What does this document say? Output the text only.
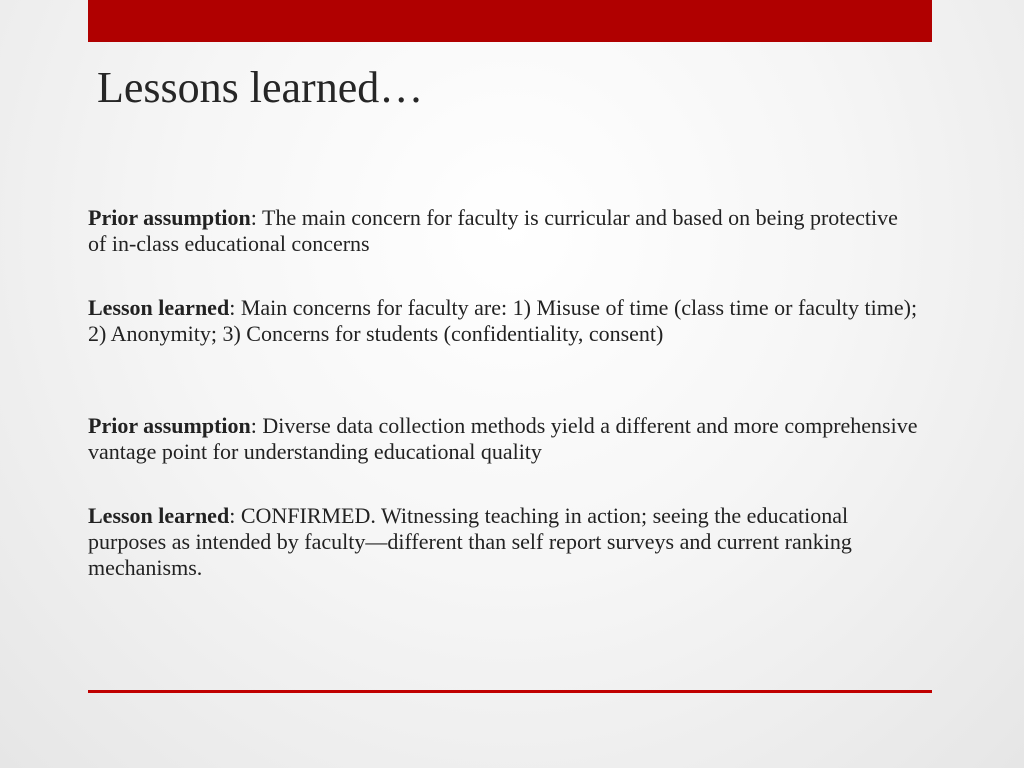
Lessons learned…

Prior assumption: The main concern for faculty is curricular and based on being protective of in-class educational concerns

Lesson learned: Main concerns for faculty are: 1) Misuse of time (class time or faculty time); 2) Anonymity; 3) Concerns for students (confidentiality, consent)

Prior assumption: Diverse data collection methods yield a different and more comprehensive vantage point for understanding educational quality

Lesson learned: CONFIRMED. Witnessing teaching in action; seeing the educational purposes as intended by faculty—different than self report surveys and current ranking mechanisms.
